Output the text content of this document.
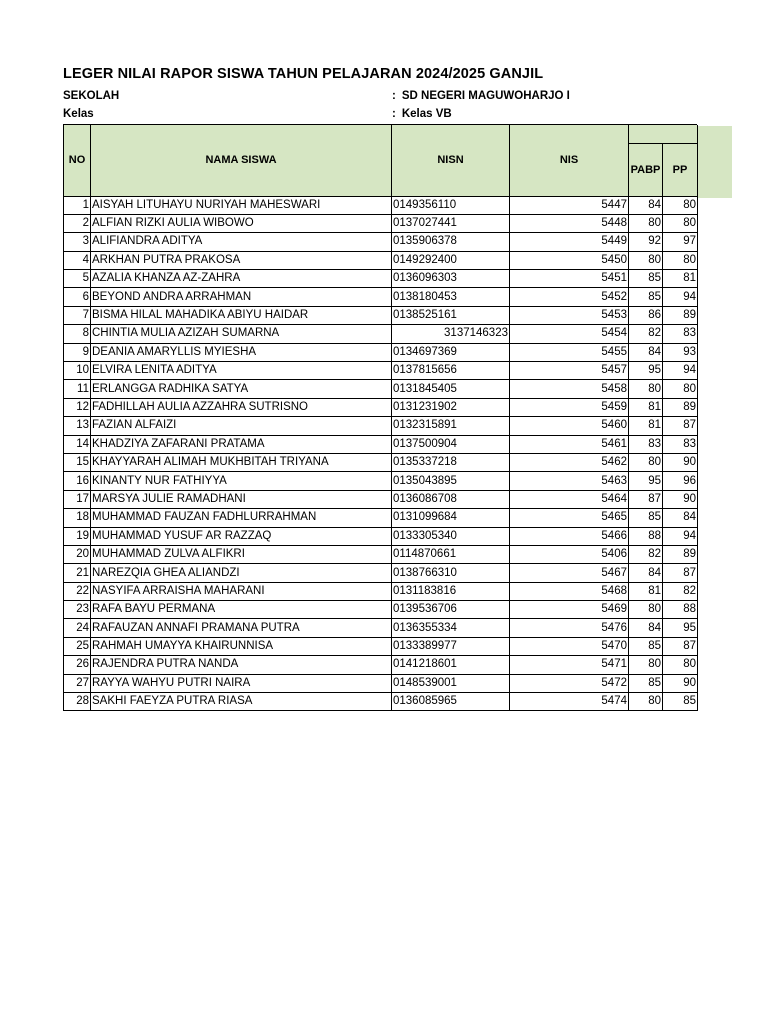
LEGER NILAI RAPOR SISWA TAHUN PELAJARAN 2024/2025 GANJIL
SEKOLAH	: SD NEGERI MAGUWOHARJO I
Kelas	: Kelas VB
NO	NAMA SISWA	NISN	NIS		
				PABP	PP
1	AISYAH LITUHAYU NURIYAH MAHESWARI	0149356110	5447	84	80
2	ALFIAN RIZKI AULIA WIBOWO	0137027441	5448	80	80
3	ALIFIANDRA ADITYA	0135906378	5449	92	97
4	ARKHAN PUTRA PRAKOSA	0149292400	5450	80	80
5	AZALIA KHANZA AZ-ZAHRA	0136096303	5451	85	81
6	BEYOND ANDRA ARRAHMAN	0138180453	5452	85	94
7	BISMA HILAL MAHADIKA ABIYU HAIDAR	0138525161	5453	86	89
8	CHINTIA MULIA AZIZAH SUMARNA	3137146323	5454	82	83
9	DEANIA AMARYLLIS MYIESHA	0134697369	5455	84	93
10	ELVIRA LENITA ADITYA	0137815656	5457	95	94
11	ERLANGGA RADHIKA SATYA	0131845405	5458	80	80
12	FADHILLAH AULIA AZZAHRA SUTRISNO	0131231902	5459	81	89
13	FAZIAN ALFAIZI	0132315891	5460	81	87
14	KHADZIYA ZAFARANI PRATAMA	0137500904	5461	83	83
15	KHAYYARAH ALIMAH MUKHBITAH TRIYANA	0135337218	5462	80	90
16	KINANTY NUR FATHIYYA	0135043895	5463	95	96
17	MARSYA JULIE RAMADHANI	0136086708	5464	87	90
18	MUHAMMAD FAUZAN FADHLURRAHMAN	0131099684	5465	85	84
19	MUHAMMAD YUSUF AR RAZZAQ	0133305340	5466	88	94
20	MUHAMMAD ZULVA ALFIKRI	0114870661	5406	82	89
21	NAREZQIA GHEA ALIANDZI	0138766310	5467	84	87
22	NASYIFA ARRAISHA MAHARANI	0131183816	5468	81	82
23	RAFA BAYU PERMANA	0139536706	5469	80	88
24	RAFAUZAN ANNAFI PRAMANA PUTRA	0136355334	5476	84	95
25	RAHMAH UMAYYA KHAIRUNNISA	0133389977	5470	85	87
26	RAJENDRA PUTRA NANDA	0141218601	5471	80	80
27	RAYYA WAHYU PUTRI NAIRA	0148539001	5472	85	90
28	SAKHI FAEYZA PUTRA RIASA	0136085965	5474	80	85
